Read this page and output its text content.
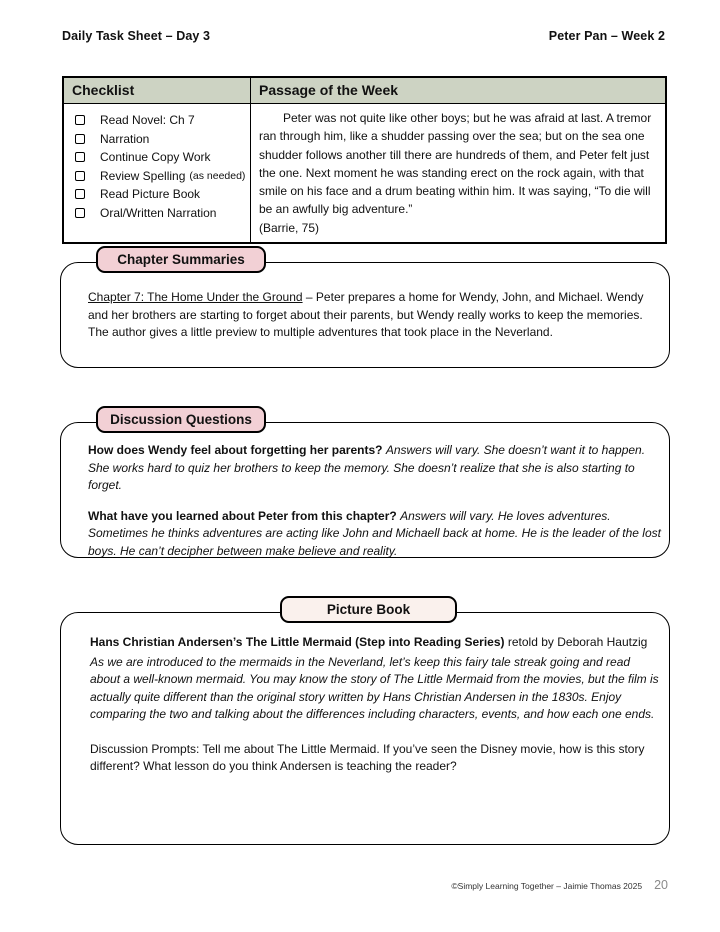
Daily Task Sheet – Day 3	Peter Pan – Week 2
Checklist	Passage of the Week
Read Novel: Ch 7
Narration
Continue Copy Work
Review Spelling (as needed)
Read Picture Book
Oral/Written Narration
Peter was not quite like other boys; but he was afraid at last. A tremor ran through him, like a shudder passing over the sea; but on the sea one shudder follows another till there are hundreds of them, and Peter felt just the one. Next moment he was standing erect on the rock again, with that smile on his face and a drum beating within him. It was saying, “To die will be an awfully big adventure.”
(Barrie, 75)
Chapter Summaries
Chapter 7: The Home Under the Ground – Peter prepares a home for Wendy, John, and Michael. Wendy and her brothers are starting to forget about their parents, but Wendy really works to keep the memories. The author gives a little preview to multiple adventures that took place in the Neverland.
Discussion Questions
How does Wendy feel about forgetting her parents? Answers will vary. She doesn’t want it to happen. She works hard to quiz her brothers to keep the memory. She doesn’t realize that she is also starting to forget.
What have you learned about Peter from this chapter? Answers will vary. He loves adventures. Sometimes he thinks adventures are acting like John and Michaell back at home. He is the leader of the lost boys. He can’t decipher between make believe and reality.
Picture Book
Hans Christian Andersen’s The Little Mermaid (Step into Reading Series) retold by Deborah Hautzig
As we are introduced to the mermaids in the Neverland, let’s keep this fairy tale streak going and read about a well-known mermaid. You may know the story of The Little Mermaid from the movies, but the film is actually quite different than the original story written by Hans Christian Andersen in the 1830s. Enjoy comparing the two and talking about the differences including characters, events, and how each one ends.
Discussion Prompts: Tell me about The Little Mermaid. If you’ve seen the Disney movie, how is this story different? What lesson do you think Andersen is teaching the reader?
©Simply Learning Together – Jaimie Thomas 2025 20
